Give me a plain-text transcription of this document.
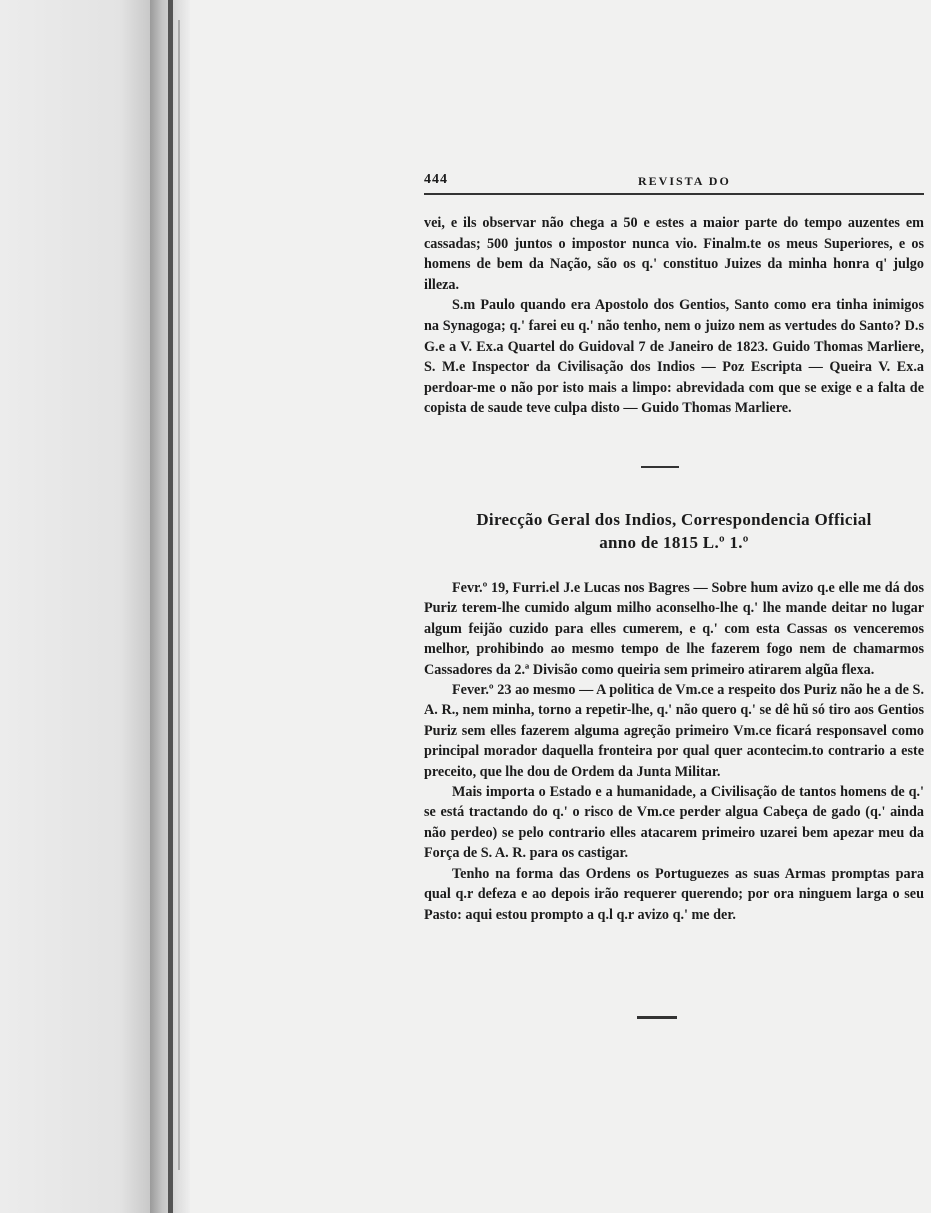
444	REVISTA DO

vei, e ils observar não chega a 50 e estes a maior parte do tempo auzentes em cassadas; 500 juntos o impostor nunca vio. Finalm.te os meus Superiores, e os homens de bem da Nação, são os q.' constituo Juizes da minha honra q' julgo illeza.

S.m Paulo quando era Apostolo dos Gentios, Santo como era tinha inimigos na Synagoga; q.' farei eu q.' não tenho, nem o juizo nem as vertudes do Santo? D.s G.e a V. Ex.a Quartel do Guidoval 7 de Janeiro de 1823. Guido Thomas Marliere, S. M.e Inspector da Civilisação dos Indios — Poz Escripta — Queira V. Ex.a perdoar-me o não por isto mais a limpo: abrevidada com que se exige e a falta de copista de saude teve culpa disto — Guido Thomas Marliere.

Direcção Geral dos Indios, Correspondencia Official
anno de 1815 L.º 1.º

Fevr.º 19, Furri.el J.e Lucas nos Bagres — Sobre hum avizo q.e elle me dá dos Puriz terem-lhe cumido algum milho aconselho-lhe q.' lhe mande deitar no lugar algum feijão cuzido para elles cumerem, e q.' com esta Cassas os venceremos melhor, prohibindo ao mesmo tempo de lhe fazerem fogo nem de chamarmos Cassadores da 2.ª Divisão como queiria sem primeiro atirarem algũa flexa.

Fever.º 23 ao mesmo — A politica de Vm.ce a respeito dos Puriz não he a de S. A. R., nem minha, torno a repetir-lhe, q.' não quero q.' se dê hũ só tiro aos Gentios Puriz sem elles fazerem alguma agreção primeiro Vm.ce ficará responsavel como principal morador daquella fronteira por qual quer acontecim.to contrario a este preceito, que lhe dou de Ordem da Junta Militar.

Mais importa o Estado e a humanidade, a Civilisação de tantos homens de q.' se está tractando do q.' o risco de Vm.ce perder algua Cabeça de gado (q.' ainda não perdeo) se pelo contrario elles atacarem primeiro uzarei bem apezar meu da Força de S. A. R. para os castigar.

Tenho na forma das Ordens os Portuguezes as suas Armas promptas para qual q.r defeza e ao depois irão requerer querendo; por ora ninguem larga o seu Pasto: aqui estou prompto a q.l q.r avizo q.' me der.
